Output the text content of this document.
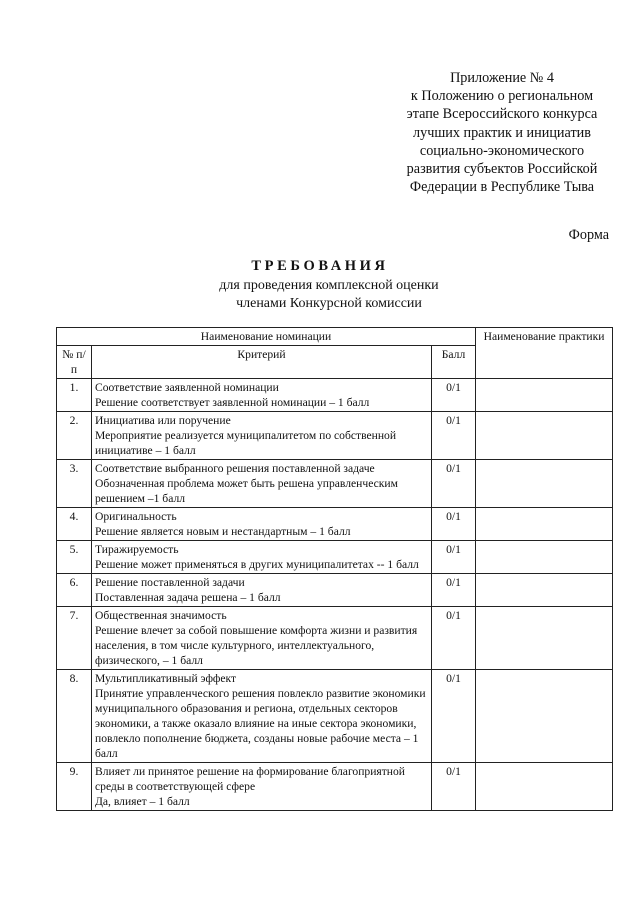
Приложение № 4
к Положению о региональном
этапе Всероссийского конкурса
лучших практик и инициатив
социально-экономического
развития субъектов Российской
Федерации в Республике Тыва
Форма
ТРЕБОВАНИЯ
для проведения комплексной оценки
членами Конкурсной комиссии
Наименование номинации			Наименование практики
№ п/п	Критерий	Балл	
1.	Соответствие заявленной номинации
Решение соответствует заявленной номинации – 1 балл	0/1	
2.	Инициатива или поручение
Мероприятие реализуется муниципалитетом по собственной инициативе – 1 балл	0/1	
3.	Соответствие выбранного решения поставленной задаче
Обозначенная проблема может быть решена управленческим решением –1 балл	0/1	
4.	Оригинальность
Решение является новым и нестандартным – 1 балл	0/1	
5.	Тиражируемость
Решение может применяться в других муниципалитетах -- 1 балл	0/1	
6.	Решение поставленной задачи
Поставленная задача решена – 1 балл	0/1	
7.	Общественная значимость
Решение влечет за собой повышение комфорта жизни и развития населения, в том числе культурного, интеллектуального, физического, – 1 балл	0/1	
8.	Мультипликативный эффект
Принятие управленческого решения повлекло развитие экономики муниципального образования и региона, отдельных секторов экономики, а также оказало влияние на иные сектора экономики, повлекло пополнение бюджета, созданы новые рабочие места – 1 балл	0/1	
9.	Влияет ли принятое решение на формирование благоприятной среды в соответствующей сфере
Да, влияет – 1 балл	0/1	
